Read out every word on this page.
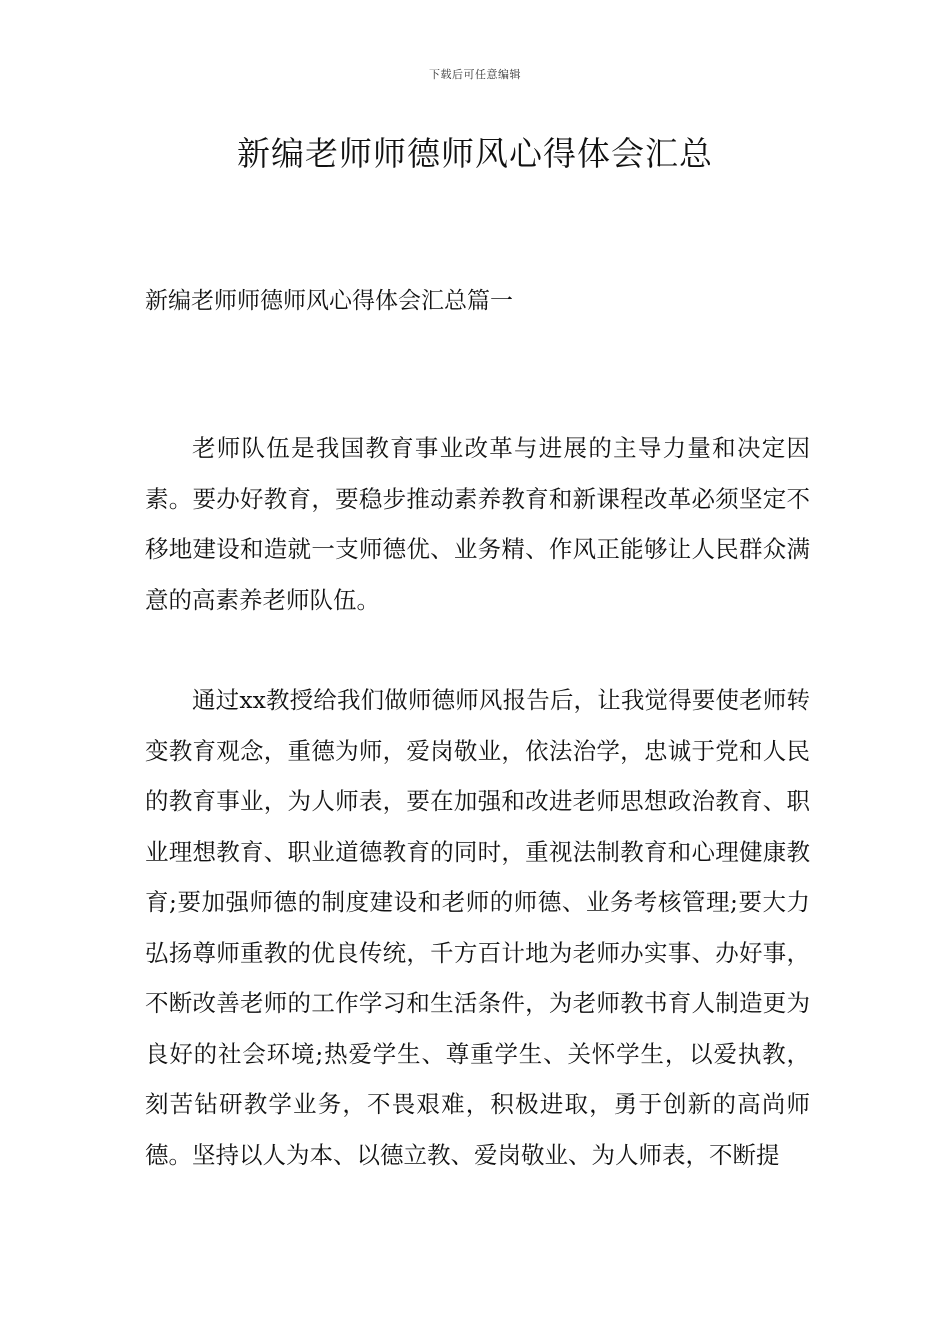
下载后可任意编辑
新编老师师德师风心得体会汇总
新编老师师德师风心得体会汇总篇一

老师队伍是我国教育事业改革与进展的主导力量和决定因素。要办好教育，要稳步推动素养教育和新课程改革必须坚定不移地建设和造就一支师德优、业务精、作风正能够让人民群众满意的高素养老师队伍。

通过xx教授给我们做师德师风报告后，让我觉得要使老师转变教育观念，重德为师，爱岗敬业，依法治学，忠诚于党和人民的教育事业，为人师表，要在加强和改进老师思想政治教育、职业理想教育、职业道德教育的同时，重视法制教育和心理健康教育;要加强师德的制度建设和老师的师德、业务考核管理;要大力弘扬尊师重教的优良传统，千方百计地为老师办实事、办好事，不断改善老师的工作学习和生活条件，为老师教书育人制造更为良好的社会环境;热爱学生、尊重学生、关怀学生，以爱执教，刻苦钻研教学业务，不畏艰难，积极进取，勇于创新的高尚师德。坚持以人为本、以德立教、爱岗敬业、为人师表，不断提
